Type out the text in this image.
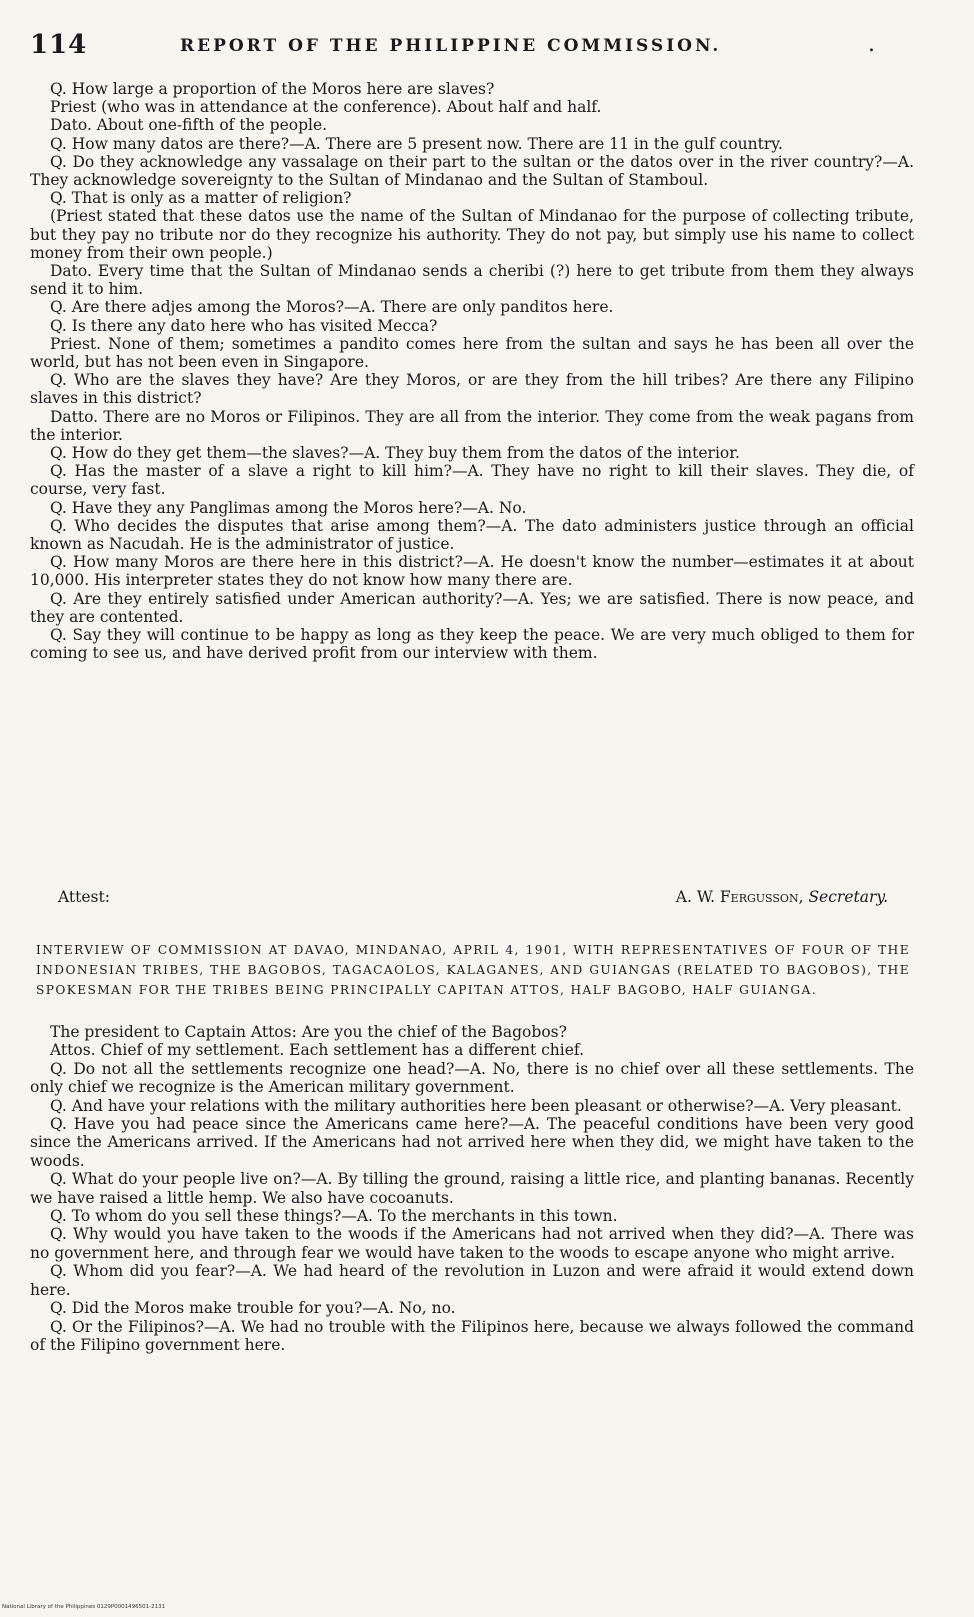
114	REPORT OF THE PHILIPPINE COMMISSION.	.

Q. How large a proportion of the Moros here are slaves?

Priest (who was in attendance at the conference). About half and half.

Dato. About one-fifth of the people.

Q. How many datos are there?—A. There are 5 present now. There are 11 in the gulf country.

Q. Do they acknowledge any vassalage on their part to the sultan or the datos over in the river country?—A. They acknowledge sovereignty to the Sultan of Mindanao and the Sultan of Stamboul.

Q. That is only as a matter of religion?

(Priest stated that these datos use the name of the Sultan of Mindanao for the purpose of collecting tribute, but they pay no tribute nor do they recognize his authority. They do not pay, but simply use his name to collect money from their own people.)

Dato. Every time that the Sultan of Mindanao sends a cheribi (?) here to get tribute from them they always send it to him.

Q. Are there adjes among the Moros?—A. There are only panditos here.

Q. Is there any dato here who has visited Mecca?

Priest. None of them; sometimes a pandito comes here from the sultan and says he has been all over the world, but has not been even in Singapore.

Q. Who are the slaves they have? Are they Moros, or are they from the hill tribes? Are there any Filipino slaves in this district?

Datto. There are no Moros or Filipinos. They are all from the interior. They come from the weak pagans from the interior.

Q. How do they get them—the slaves?—A. They buy them from the datos of the interior.

Q. Has the master of a slave a right to kill him?—A. They have no right to kill their slaves. They die, of course, very fast.

Q. Have they any Panglimas among the Moros here?—A. No.

Q. Who decides the disputes that arise among them?—A. The dato administers justice through an official known as Nacudah. He is the administrator of justice.

Q. How many Moros are there here in this district?—A. He doesn't know the number—estimates it at about 10,000. His interpreter states they do not know how many there are.

Q. Are they entirely satisfied under American authority?—A. Yes; we are satisfied. There is now peace, and they are contented.

Q. Say they will continue to be happy as long as they keep the peace. We are very much obliged to them for coming to see us, and have derived profit from our interview with them.

Attest:	A. W. Fergusson, Secretary.
INTERVIEW OF COMMISSION AT DAVAO, MINDANAO, APRIL 4, 1901, WITH REPRESENTATIVES OF FOUR OF THE INDONESIAN TRIBES, THE BAGOBOS, TAGACAOLOS, KALAGANES, AND GUIANGAS (RELATED TO BAGOBOS), THE SPOKESMAN FOR THE TRIBES BEING PRINCIPALLY CAPITAN ATTOS, HALF BAGOBO, HALF GUIANGA.

The president to Captain Attos: Are you the chief of the Bagobos?

Attos. Chief of my settlement. Each settlement has a different chief.

Q. Do not all the settlements recognize one head?—A. No, there is no chief over all these settlements. The only chief we recognize is the American military government.

Q. And have your relations with the military authorities here been pleasant or otherwise?—A. Very pleasant.

Q. Have you had peace since the Americans came here?—A. The peaceful conditions have been very good since the Americans arrived. If the Americans had not arrived here when they did, we might have taken to the woods.

Q. What do your people live on?—A. By tilling the ground, raising a little rice, and planting bananas. Recently we have raised a little hemp. We also have cocoanuts.

Q. To whom do you sell these things?—A. To the merchants in this town.

Q. Why would you have taken to the woods if the Americans had not arrived when they did?—A. There was no government here, and through fear we would have taken to the woods to escape anyone who might arrive.

Q. Whom did you fear?—A. We had heard of the revolution in Luzon and were afraid it would extend down here.

Q. Did the Moros make trouble for you?—A. No, no.

Q. Or the Filipinos?—A. We had no trouble with the Filipinos here, because we always followed the command of the Filipino government here.

National Library of the Philippines 0129P0001496501-2131
